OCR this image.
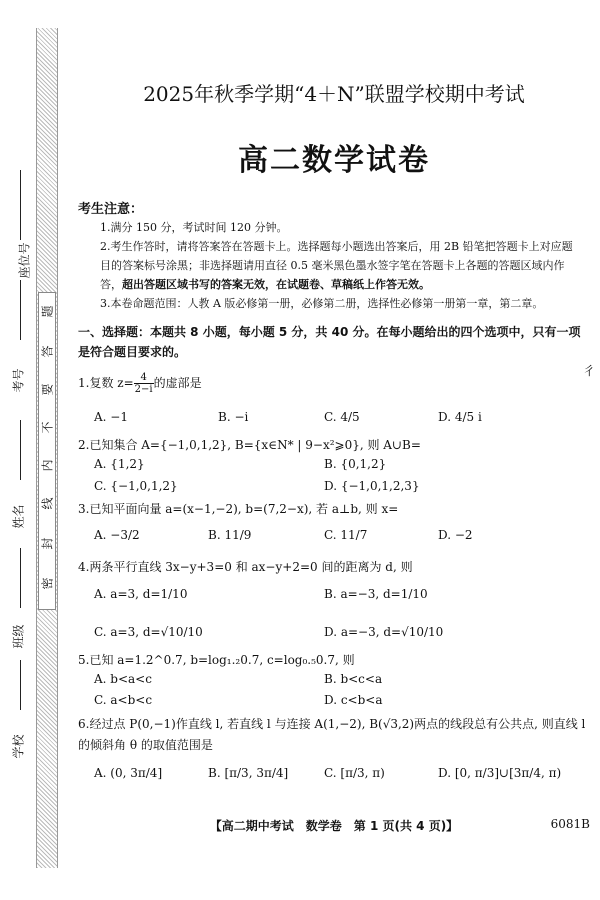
题
答
要
不
内
线
封
密
座位号
考号
姓名
班级
学校
2025年秋季学期“4＋N”联盟学校期中考试
高二数学试卷
考生注意：
1.满分 150 分，考试时间 120 分钟。
2.考生作答时，请将答案答在答题卡上。选择题每小题选出答案后，用 2B 铅笔把答题卡上对应题目的答案标号涂黑；非选择题请用直径 0.5 毫米黑色墨水签字笔在答题卡上各题的答题区域内作答，超出答题区域书写的答案无效，在试题卷、草稿纸上作答无效。
3.本卷命题范围：人教 A 版必修第一册，必修第二册，选择性必修第一册第一章，第二章。
一、选择题：本题共 8 小题，每小题 5 分，共 40 分。在每小题给出的四个选项中，只有一项是符合题目要求的。
1.复数 $z= \frac{4}{2-i}$ 的虚部是
A. −1	B. −i	C. 4/5	D. 4/5 i
2.已知集合 A={−1,0,1,2}, B={x∈N* | 9−x²⩾0}, 则 A∪B=
A. {1,2}	B. {0,1,2}
C. {−1,0,1,2}	D. {−1,0,1,2,3}
3.已知平面向量 a=(x−1,−2), b=(7,2−x), 若 a⊥b, 则 x=
A. −3/2	B. 11/9	C. 11/7	D. −2
4.两条平行直线 3x−y+3=0 和 ax−y+2=0 间的距离为 d, 则
A. a=3, d=1/10	B. a=−3, d=1/10
C. a=3, d=√10/10	D. a=−3, d=√10/10
5.已知 a=1.2^0.7, b=log₁.₂0.7, c=log₀.₅0.7, 则
A. b<a<c	B. b<c<a
C. a<b<c	D. c<b<a
6.经过点 P(0,−1)作直线 l, 若直线 l 与连接 A(1,−2), B(√3,2)两点的线段总有公共点, 则直线 l 的倾斜角 θ 的取值范围是
A. (0, 3π/4]	B. [π/3, 3π/4]	C. [π/3, π)	D. [0, π/3]∪[3π/4, π)
【高二期中考试　数学卷　第 1 页(共 4 页)】	6081B
彳
